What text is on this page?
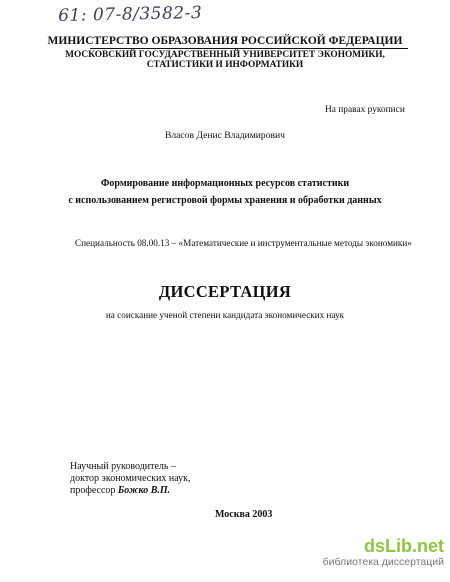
61: 07-8/3582-3
МИНИСТЕРСТВО ОБРАЗОВАНИЯ РОССИЙСКОЙ ФЕДЕРАЦИИ
МОСКОВСКИЙ ГОСУДАРСТВЕННЫЙ УНИВЕРСИТЕТ ЭКОНОМИКИ,
СТАТИСТИКИ И ИНФОРМАТИКИ
На правах рукописи
Власов Денис Владимирович
Формирование информационных ресурсов статистики
с использованием регистровой формы хранения и обработки данных
Специальность 08.00.13 – «Математические и инструментальные методы экономики»
ДИССЕРТАЦИЯ
на соискание ученой степени кандидата экономических наук
Научный руководитель –
доктор экономических наук,
профессор Божко В.П.
Москва 2003
dsLib.net
библиотека диссертаций
